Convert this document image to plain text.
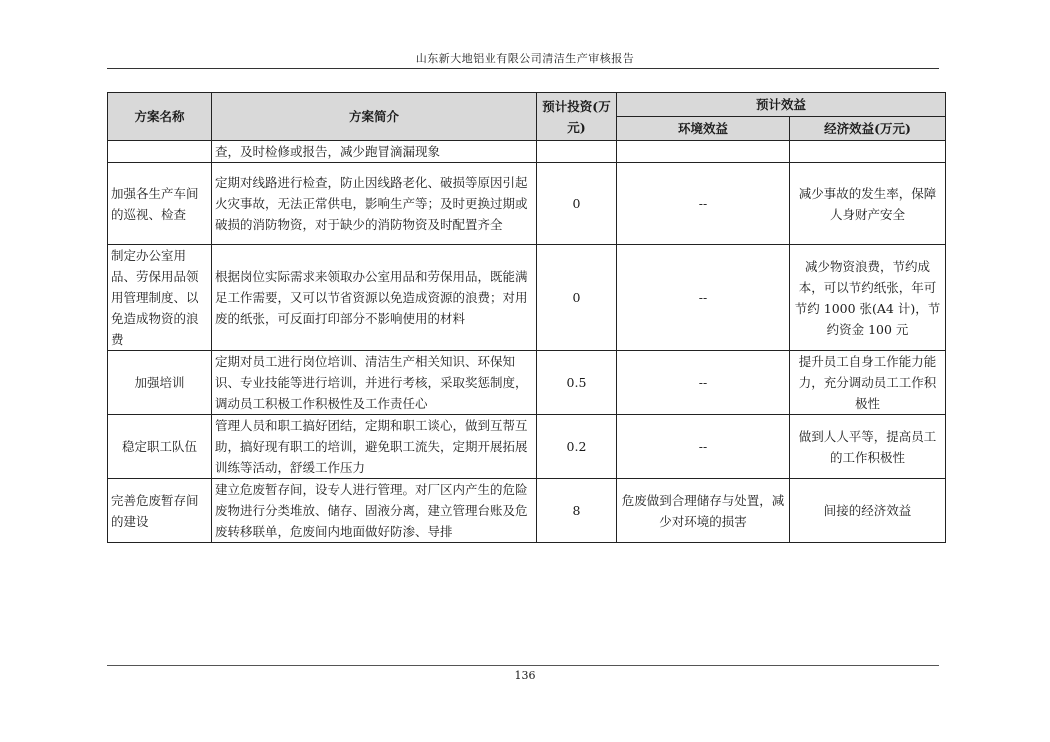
山东新大地铝业有限公司清洁生产审核报告
方案名称	方案简介	预计投资(万元)	预计效益	
			环境效益	经济效益(万元)
	查，及时检修或报告，减少跑冒滴漏现象			
加强各生产车间的巡视、检查	定期对线路进行检查，防止因线路老化、破损等原因引起火灾事故，无法正常供电，影响生产等；及时更换过期或破损的消防物资，对于缺少的消防物资及时配置齐全	0	--	减少事故的发生率，保障人身财产安全
制定办公室用品、劳保用品领用管理制度、以免造成物资的浪费	根据岗位实际需求来领取办公室用品和劳保用品，既能满足工作需要，又可以节省资源以免造成资源的浪费；对用废的纸张，可反面打印部分不影响使用的材料	0	--	减少物资浪费，节约成本，可以节约纸张，年可节约 1000 张(A4 计)，节约资金 100 元
加强培训	定期对员工进行岗位培训、清洁生产相关知识、环保知识、专业技能等进行培训，并进行考核，采取奖惩制度，调动员工积极工作积极性及工作责任心	0.5	--	提升员工自身工作能力能力，充分调动员工工作积极性
稳定职工队伍	管理人员和职工搞好团结，定期和职工谈心，做到互帮互助，搞好现有职工的培训，避免职工流失，定期开展拓展训练等活动，舒缓工作压力	0.2	--	做到人人平等，提高员工的工作积极性
完善危废暂存间的建设	建立危废暂存间，设专人进行管理。对厂区内产生的危险废物进行分类堆放、储存、固液分离，建立管理台账及危废转移联单，危废间内地面做好防渗、导排	8	危废做到合理储存与处置，减少对环境的损害	间接的经济效益
136
